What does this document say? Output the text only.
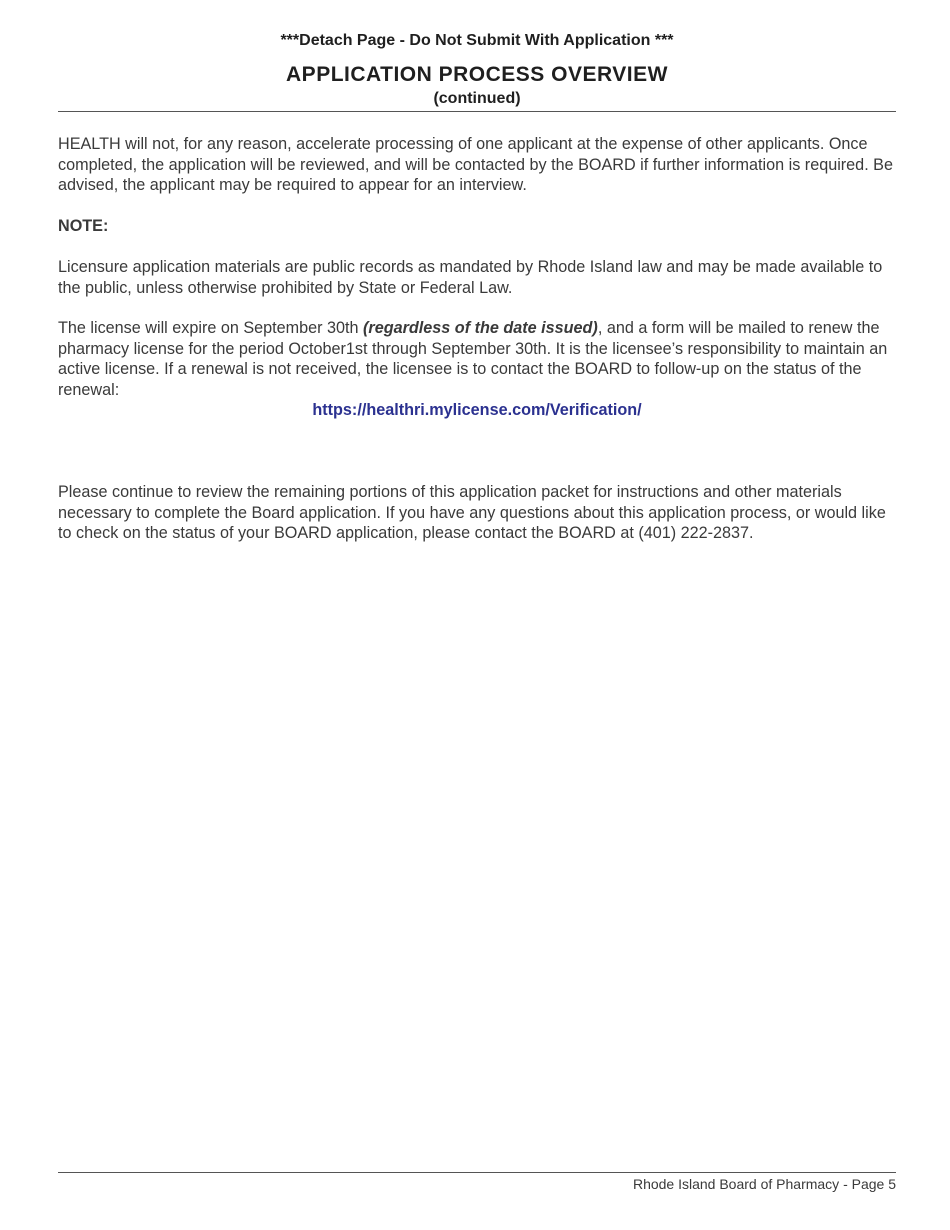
***Detach Page - Do Not Submit With Application ***
APPLICATION PROCESS OVERVIEW
(continued)

HEALTH will not, for any reason, accelerate processing of one applicant at the expense of other applicants. Once completed, the application will be reviewed, and will be contacted by the BOARD if further information is required. Be advised, the applicant may be required to appear for an interview.

NOTE:

Licensure application materials are public records as mandated by Rhode Island law and may be made available to the public, unless otherwise prohibited by State or Federal Law.

The license will expire on September 30th (regardless of the date issued), and a form will be mailed to renew the pharmacy license for the period October1st through September 30th. It is the licensee’s responsibility to maintain an active license. If a renewal is not received, the licensee is to contact the BOARD to follow-up on the status of the renewal:

https://healthri.mylicense.com/Verification/

Please continue to review the remaining portions of this application packet for instructions and other materials necessary to complete the Board application. If you have any questions about this application process, or would like to check on the status of your BOARD application, please contact the BOARD at (401) 222-2837.

Rhode Island Board of Pharmacy - Page 5
